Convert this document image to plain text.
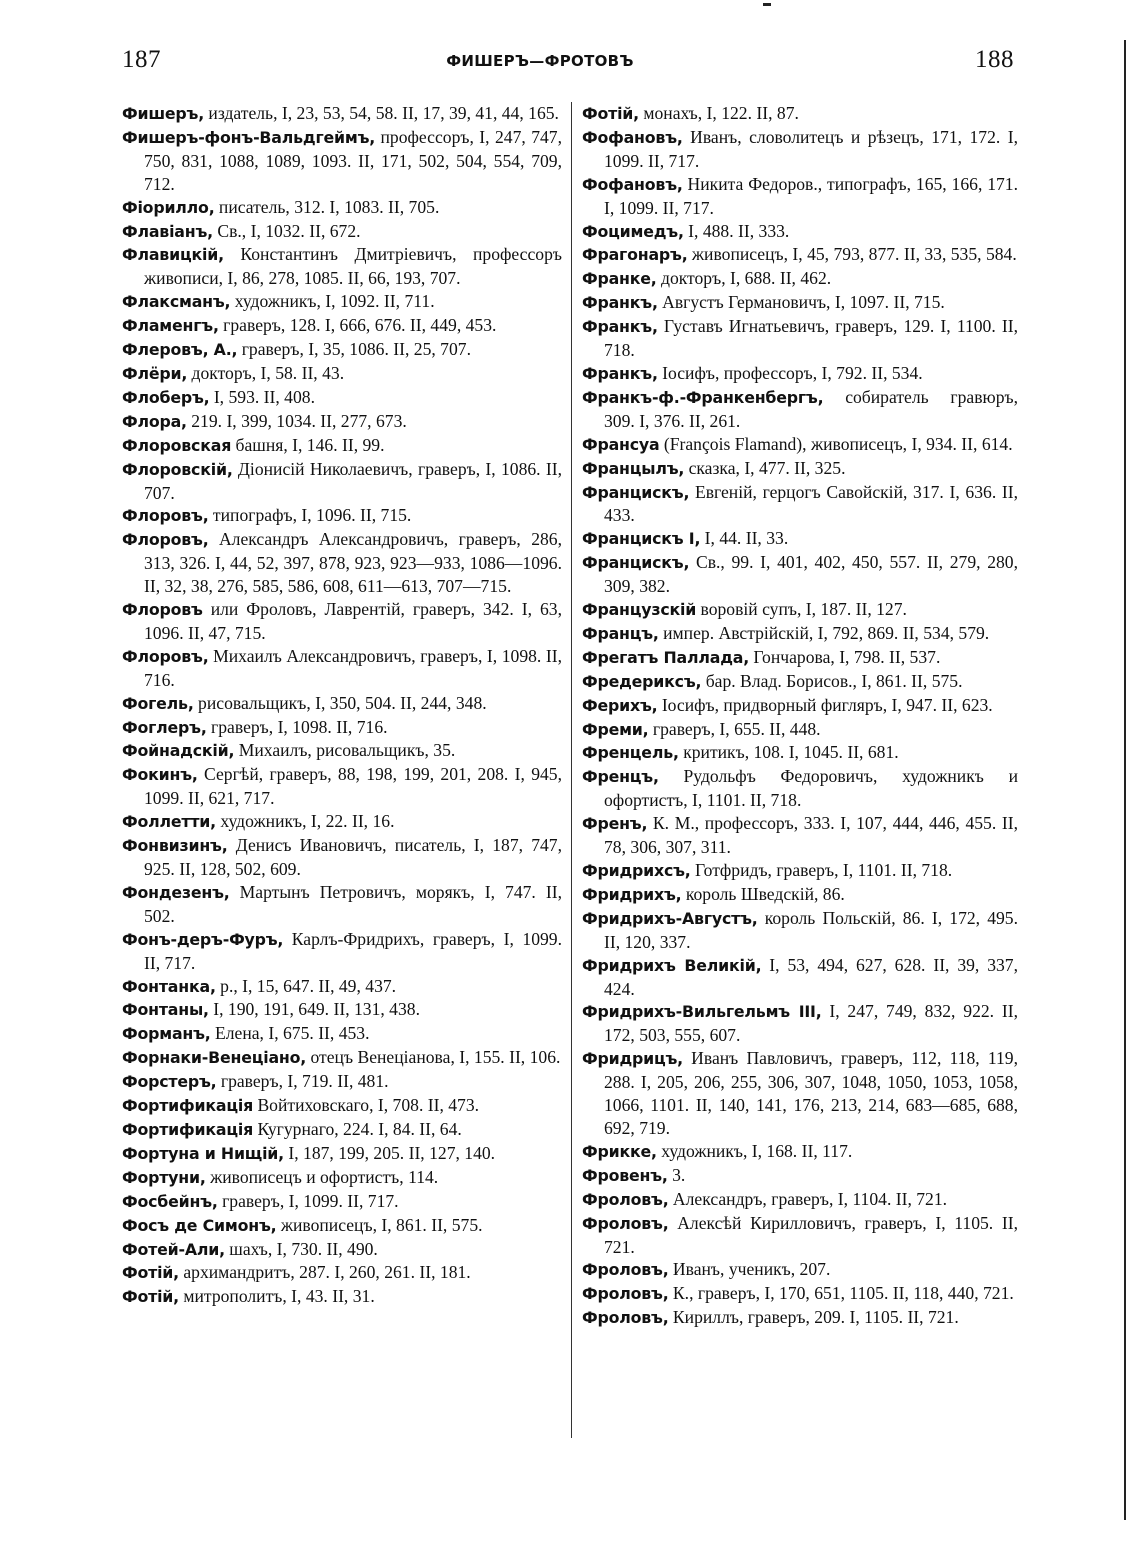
187	ФИШЕРЪ—ФРОТОВЪ	188
Фишеръ, издатель, I, 23, 53, 54, 58. II, 17, 39, 41, 44, 165.
Фишеръ-фонъ-Вальдгеймъ, профессоръ, I, 247, 747, 750, 831, 1088, 1089, 1093. II, 171, 502, 504, 554, 709, 712.
Фіорилло, писатель, 312. I, 1083. II, 705.
Флавіанъ, Св., I, 1032. II, 672.
Флавицкій, Константинъ Дмитріевичъ, профессоръ живописи, I, 86, 278, 1085. II, 66, 193, 707.
Флаксманъ, художникъ, I, 1092. II, 711.
Фламенгъ, граверъ, 128. I, 666, 676. II, 449, 453.
Флеровъ, А., граверъ, I, 35, 1086. II, 25, 707.
Флёри, докторъ, I, 58. II, 43.
Флоберъ, I, 593. II, 408.
Флора, 219. I, 399, 1034. II, 277, 673.
Флоровская башня, I, 146. II, 99.
Флоровскій, Діонисій Николаевичъ, граверъ, I, 1086. II, 707.
Флоровъ, типографъ, I, 1096. II, 715.
Флоровъ, Александръ Александровичъ, граверъ, 286, 313, 326. I, 44, 52, 397, 878, 923, 923—933, 1086—1096. II, 32, 38, 276, 585, 586, 608, 611—613, 707—715.
Флоровъ или Фроловъ, Лаврентій, граверъ, 342. I, 63, 1096. II, 47, 715.
Флоровъ, Михаилъ Александровичъ, граверъ, I, 1098. II, 716.
Фогель, рисовальщикъ, I, 350, 504. II, 244, 348.
Фоглеръ, граверъ, I, 1098. II, 716.
Фойнадскій, Михаилъ, рисовальщикъ, 35.
Фокинъ, Сергѣй, граверъ, 88, 198, 199, 201, 208. I, 945, 1099. II, 621, 717.
Фоллетти, художникъ, I, 22. II, 16.
Фонвизинъ, Денисъ Ивановичъ, писатель, I, 187, 747, 925. II, 128, 502, 609.
Фондезенъ, Мартынъ Петровичъ, морякъ, I, 747. II, 502.
Фонъ-деръ-Фуръ, Карлъ-Фридрихъ, граверъ, I, 1099. II, 717.
Фонтанка, р., I, 15, 647. II, 49, 437.
Фонтаны, I, 190, 191, 649. II, 131, 438.
Форманъ, Елена, I, 675. II, 453.
Форнаки-Венеціано, отецъ Венеціанова, I, 155. II, 106.
Форстеръ, граверъ, I, 719. II, 481.
Фортификація Войтиховскаго, I, 708. II, 473.
Фортификація Кугурнаго, 224. I, 84. II, 64.
Фортуна и Нищій, I, 187, 199, 205. II, 127, 140.
Фортуни, живописецъ и офортистъ, 114.
Фосбейнъ, граверъ, I, 1099. II, 717.
Фосъ де Симонъ, живописецъ, I, 861. II, 575.
Фотей-Али, шахъ, I, 730. II, 490.
Фотій, архимандритъ, 287. I, 260, 261. II, 181.
Фотій, митрополитъ, I, 43. II, 31.
Фотій, монахъ, I, 122. II, 87.
Фофановъ, Иванъ, словолитецъ и рѣзецъ, 171, 172. I, 1099. II, 717.
Фофановъ, Никита Федоров., типографъ, 165, 166, 171. I, 1099. II, 717.
Фоцимедъ, I, 488. II, 333.
Фрагонаръ, живописецъ, I, 45, 793, 877. II, 33, 535, 584.
Франке, докторъ, I, 688. II, 462.
Франкъ, Августъ Германовичъ, I, 1097. II, 715.
Франкъ, Густавъ Игнатьевичъ, граверъ, 129. I, 1100. II, 718.
Франкъ, Іосифъ, профессоръ, I, 792. II, 534.
Франкъ-ф.-Франкенбергъ, собиратель гравюръ, 309. I, 376. II, 261.
Франсуа (François Flamand), живописецъ, I, 934. II, 614.
Францылъ, сказка, I, 477. II, 325.
Францискъ, Евгеній, герцогъ Савойскій, 317. I, 636. II, 433.
Францискъ I, I, 44. II, 33.
Францискъ, Св., 99. I, 401, 402, 450, 557. II, 279, 280, 309, 382.
Французскій воровій супъ, I, 187. II, 127.
Францъ, импер. Австрійскій, I, 792, 869. II, 534, 579.
Фрегатъ Паллада, Гончарова, I, 798. II, 537.
Фредериксъ, бар. Влад. Борисов., I, 861. II, 575.
Ферихъ, Іосифъ, придворный фигляръ, I, 947. II, 623.
Фреми, граверъ, I, 655. II, 448.
Френцель, критикъ, 108. I, 1045. II, 681.
Френцъ, Рудольфъ Федоровичъ, художникъ и офортистъ, I, 1101. II, 718.
Френъ, К. М., профессоръ, 333. I, 107, 444, 446, 455. II, 78, 306, 307, 311.
Фридрихсъ, Готфридъ, граверъ, I, 1101. II, 718.
Фридрихъ, король Шведскій, 86.
Фридрихъ-Августъ, король Польскій, 86. I, 172, 495. II, 120, 337.
Фридрихъ Великій, I, 53, 494, 627, 628. II, 39, 337, 424.
Фридрихъ-Вильгельмъ III, I, 247, 749, 832, 922. II, 172, 503, 555, 607.
Фридрицъ, Иванъ Павловичъ, граверъ, 112, 118, 119, 288. I, 205, 206, 255, 306, 307, 1048, 1050, 1053, 1058, 1066, 1101. II, 140, 141, 176, 213, 214, 683—685, 688, 692, 719.
Фрикке, художникъ, I, 168. II, 117.
Фровенъ, 3.
Фроловъ, Александръ, граверъ, I, 1104. II, 721.
Фроловъ, Алексѣй Кирилловичъ, граверъ, I, 1105. II, 721.
Фроловъ, Иванъ, ученикъ, 207.
Фроловъ, К., граверъ, I, 170, 651, 1105. II, 118, 440, 721.
Фроловъ, Кириллъ, граверъ, 209. I, 1105. II, 721.
